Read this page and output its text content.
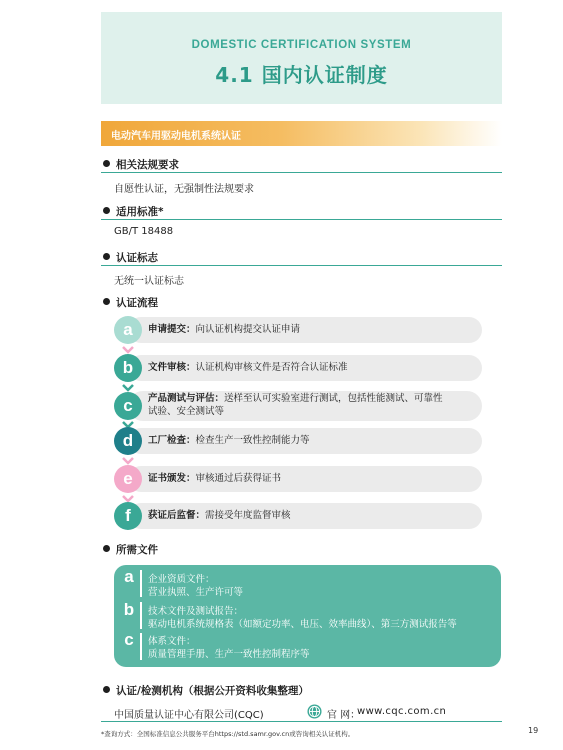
DOMESTIC CERTIFICATION SYSTEM
4.1 国内认证制度
电动汽车用驱动电机系统认证
相关法规要求
自愿性认证，无强制性法规要求
适用标准*
GB/T 18488
认证标志
无统一认证标志
认证流程
a	申请提交：向认证机构提交认证申请
b	文件审核：认证机构审核文件是否符合认证标准
c	产品测试与评估：送样至认可实验室进行测试，包括性能测试、可靠性
试验、安全测试等
d	工厂检查：检查生产一致性控制能力等
e	证书颁发：审核通过后获得证书
f	获证后监督：需接受年度监督审核
所需文件
a	企业资质文件：
营业执照、生产许可等
b 技术文件及测试报告：
驱动电机系统规格表（如额定功率、电压、效率曲线）、第三方测试报告等
c	体系文件：
质量管理手册、生产一致性控制程序等
认证/检测机构（根据公开资料收集整理）
中国质量认证中心有限公司(CQC)	官 网：
www.cqc.com.cn
*查询方式：全国标准信息公共服务平台https://std.samr.gov.cn或咨询相关认证机构。	19
